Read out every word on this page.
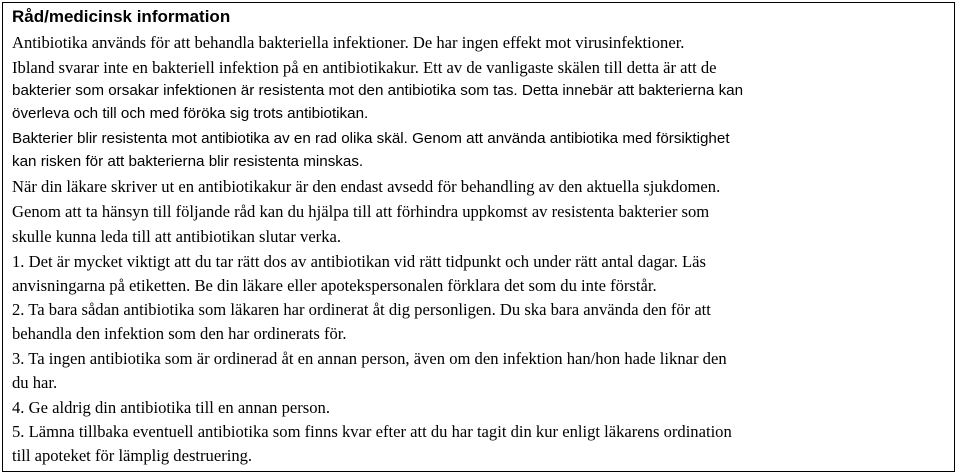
Råd/medicinsk information
Antibiotika används för att behandla bakteriella infektioner. De har ingen effekt mot virusinfektioner.
Ibland svarar inte en bakteriell infektion på en antibiotikakur. Ett av de vanligaste skälen till detta är att de
bakterier som orsakar infektionen är resistenta mot den antibiotika som tas. Detta innebär att bakterierna kan
överleva och till och med föröka sig trots antibiotikan.
Bakterier blir resistenta mot antibiotika av en rad olika skäl. Genom att använda antibiotika med försiktighet
kan risken för att bakterierna blir resistenta minskas.
När din läkare skriver ut en antibiotikakur är den endast avsedd för behandling av den aktuella sjukdomen.
Genom att ta hänsyn till följande råd kan du hjälpa till att förhindra uppkomst av resistenta bakterier som
skulle kunna leda till att antibiotikan slutar verka.
1. Det är mycket viktigt att du tar rätt dos av antibiotikan vid rätt tidpunkt och under rätt antal dagar. Läs
anvisningarna på etiketten. Be din läkare eller apotekspersonalen förklara det som du inte förstår.
2. Ta bara sådan antibiotika som läkaren har ordinerat åt dig personligen. Du ska bara använda den för att
behandla den infektion som den har ordinerats för.
3. Ta ingen antibiotika som är ordinerad åt en annan person, även om den infektion han/hon hade liknar den
du har.
4. Ge aldrig din antibiotika till en annan person.
5. Lämna tillbaka eventuell antibiotika som finns kvar efter att du har tagit din kur enligt läkarens ordination
till apoteket för lämplig destruering.
